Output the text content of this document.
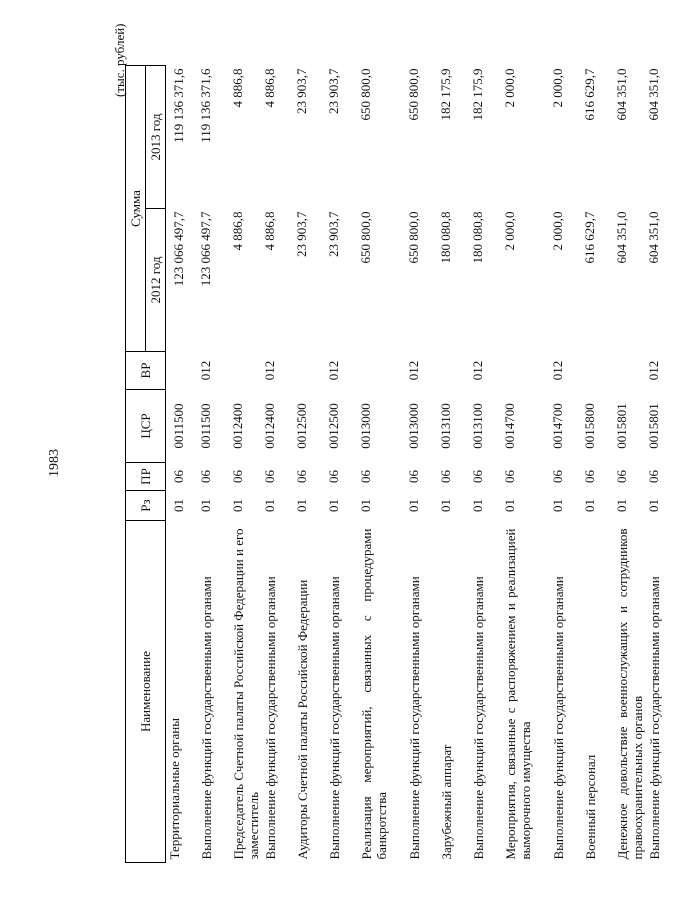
1983
(тыс. рублей)
Наименование	Рз	ПР	ЦСР	ВР	Сумма	
					2012 год	2013 год
Территориальные органы	01	06	0011500		123 066 497,7	119 136 371,6
Выполнение функций государственными органами	01	06	0011500	012	123 066 497,7	119 136 371,6
Председатель Счетной палаты Российской Федерации и его заместитель	01	06	0012400		4 886,8	4 886,8
Выполнение функций государственными органами	01	06	0012400	012	4 886,8	4 886,8
Аудиторы Счетной палаты Российской Федерации	01	06	0012500		23 903,7	23 903,7
Выполнение функций государственными органами	01	06	0012500	012	23 903,7	23 903,7
Реализация мероприятий, связанных с процедурами банкротства	01	06	0013000		650 800,0	650 800,0
Выполнение функций государственными органами	01	06	0013000	012	650 800,0	650 800,0
Зарубежный аппарат	01	06	0013100		180 080,8	182 175,9
Выполнение функций государственными органами	01	06	0013100	012	180 080,8	182 175,9
Мероприятия, связанные с распоряжением и реализацией выморочного имущества	01	06	0014700		2 000,0	2 000,0
Выполнение функций государственными органами	01	06	0014700	012	2 000,0	2 000,0
Военный персонал	01	06	0015800		616 629,7	616 629,7
Денежное довольствие военнослужащих и сотрудников правоохранительных органов	01	06	0015801		604 351,0	604 351,0
Выполнение функций государственными органами	01	06	0015801	012	604 351,0	604 351,0
